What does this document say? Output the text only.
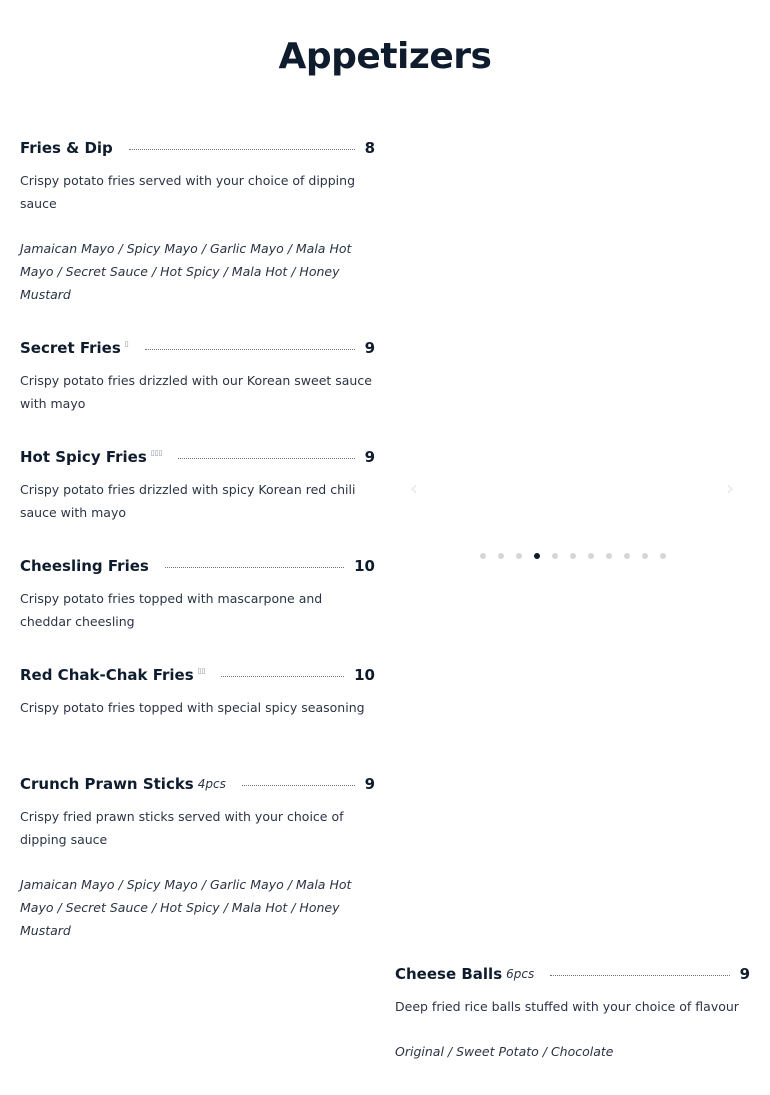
Appetizers
Fries & Dip	8
Crispy potato fries served with your choice of dipping sauce
Jamaican Mayo / Spicy Mayo / Garlic Mayo / Mala Hot Mayo / Secret Sauce / Hot Spicy / Mala Hot / Honey Mustard
Secret Fries ▯	9
Crispy potato fries drizzled with our Korean sweet sauce with mayo
Hot Spicy Fries ▯▯▯	9
Crispy potato fries drizzled with spicy Korean red chili sauce with mayo
Cheesling Fries	10
Crispy potato fries topped with mascarpone and cheddar cheesling
Red Chak-Chak Fries ▯▯	10
Crispy potato fries topped with special spicy seasoning
Crunch Prawn Sticks 4pcs	9
Crispy fried prawn sticks served with your choice of dipping sauce
Jamaican Mayo / Spicy Mayo / Garlic Mayo / Mala Hot Mayo / Secret Sauce / Hot Spicy / Mala Hot / Honey Mustard
Cheese Balls 6pcs	9
Deep fried rice balls stuffed with your choice of flavour
Original / Sweet Potato / Chocolate
‹	›
